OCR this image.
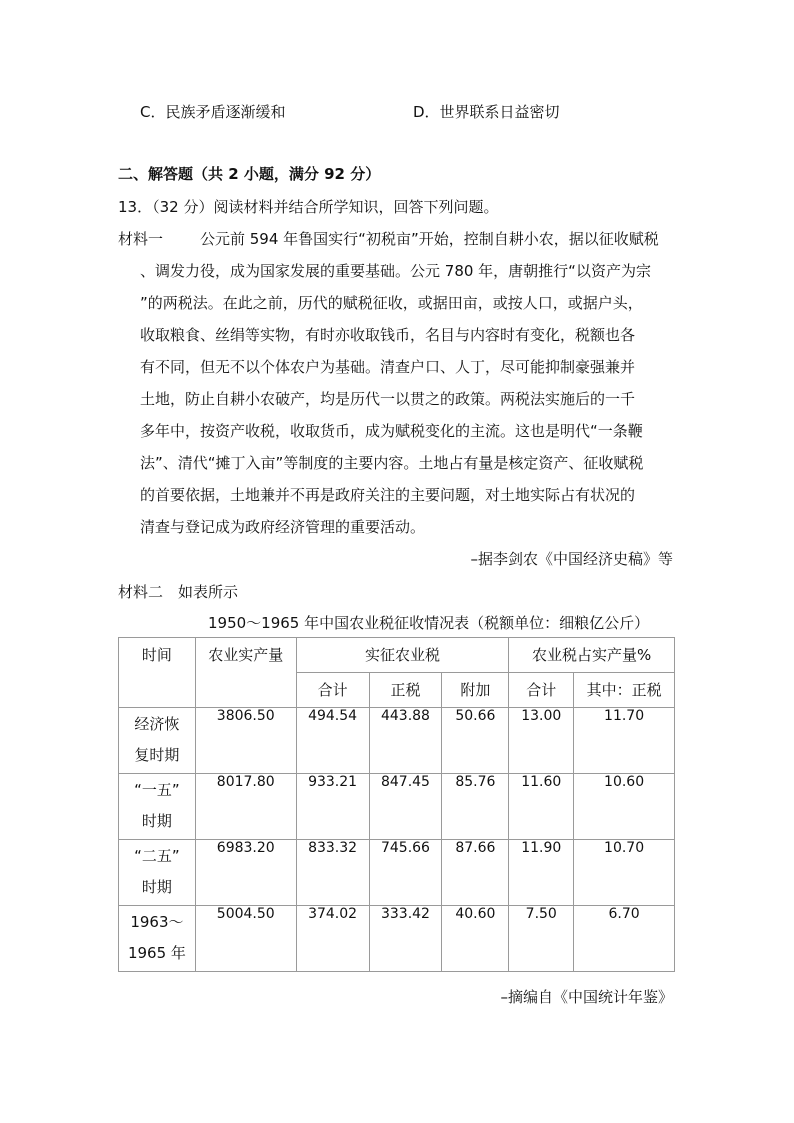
C．民族矛盾逐渐缓和	D．世界联系日益密切
二、解答题（共 2 小题，满分 92 分）
13．（32 分）阅读材料并结合所学知识，回答下列问题。
材料一 公元前 594 年鲁国实行“初税亩”开始，控制自耕小农，据以征收赋税
、调发力役，成为国家发展的重要基础。公元 780 年，唐朝推行“以资产为宗
”的两税法。在此之前，历代的赋税征收，或据田亩，或按人口，或据户头，
收取粮食、丝绢等实物，有时亦收取钱币，名目与内容时有变化，税额也各
有不同，但无不以个体农户为基础。清查户口、人丁，尽可能抑制豪强兼并
土地，防止自耕小农破产，均是历代一以贯之的政策。两税法实施后的一千
多年中，按资产收税，收取货币，成为赋税变化的主流。这也是明代“一条鞭
法”、清代“摊丁入亩”等制度的主要内容。土地占有量是核定资产、征收赋税
的首要依据，土地兼并不再是政府关注的主要问题，对土地实际占有状况的
清查与登记成为政府经济管理的重要活动。
–据李剑农《中国经济史稿》等
材料二　如表所示
1950～1965 年中国农业税征收情况表（税额单位：细粮亿公斤）
时间	农业实产量	实征农业税			农业税占实产量%	
		合计	正税	附加	合计	其中：正税
经济恢
复时期	3806.50	494.54	443.88	50.66	13.00	11.70
“一五”
时期	8017.80	933.21	847.45	85.76	11.60	10.60
“二五”
时期	6983.20	833.32	745.66	87.66	11.90	10.70
1963～
1965 年	5004.50	374.02	333.42	40.60	7.50	6.70
–摘编自《中国统计年鉴》
